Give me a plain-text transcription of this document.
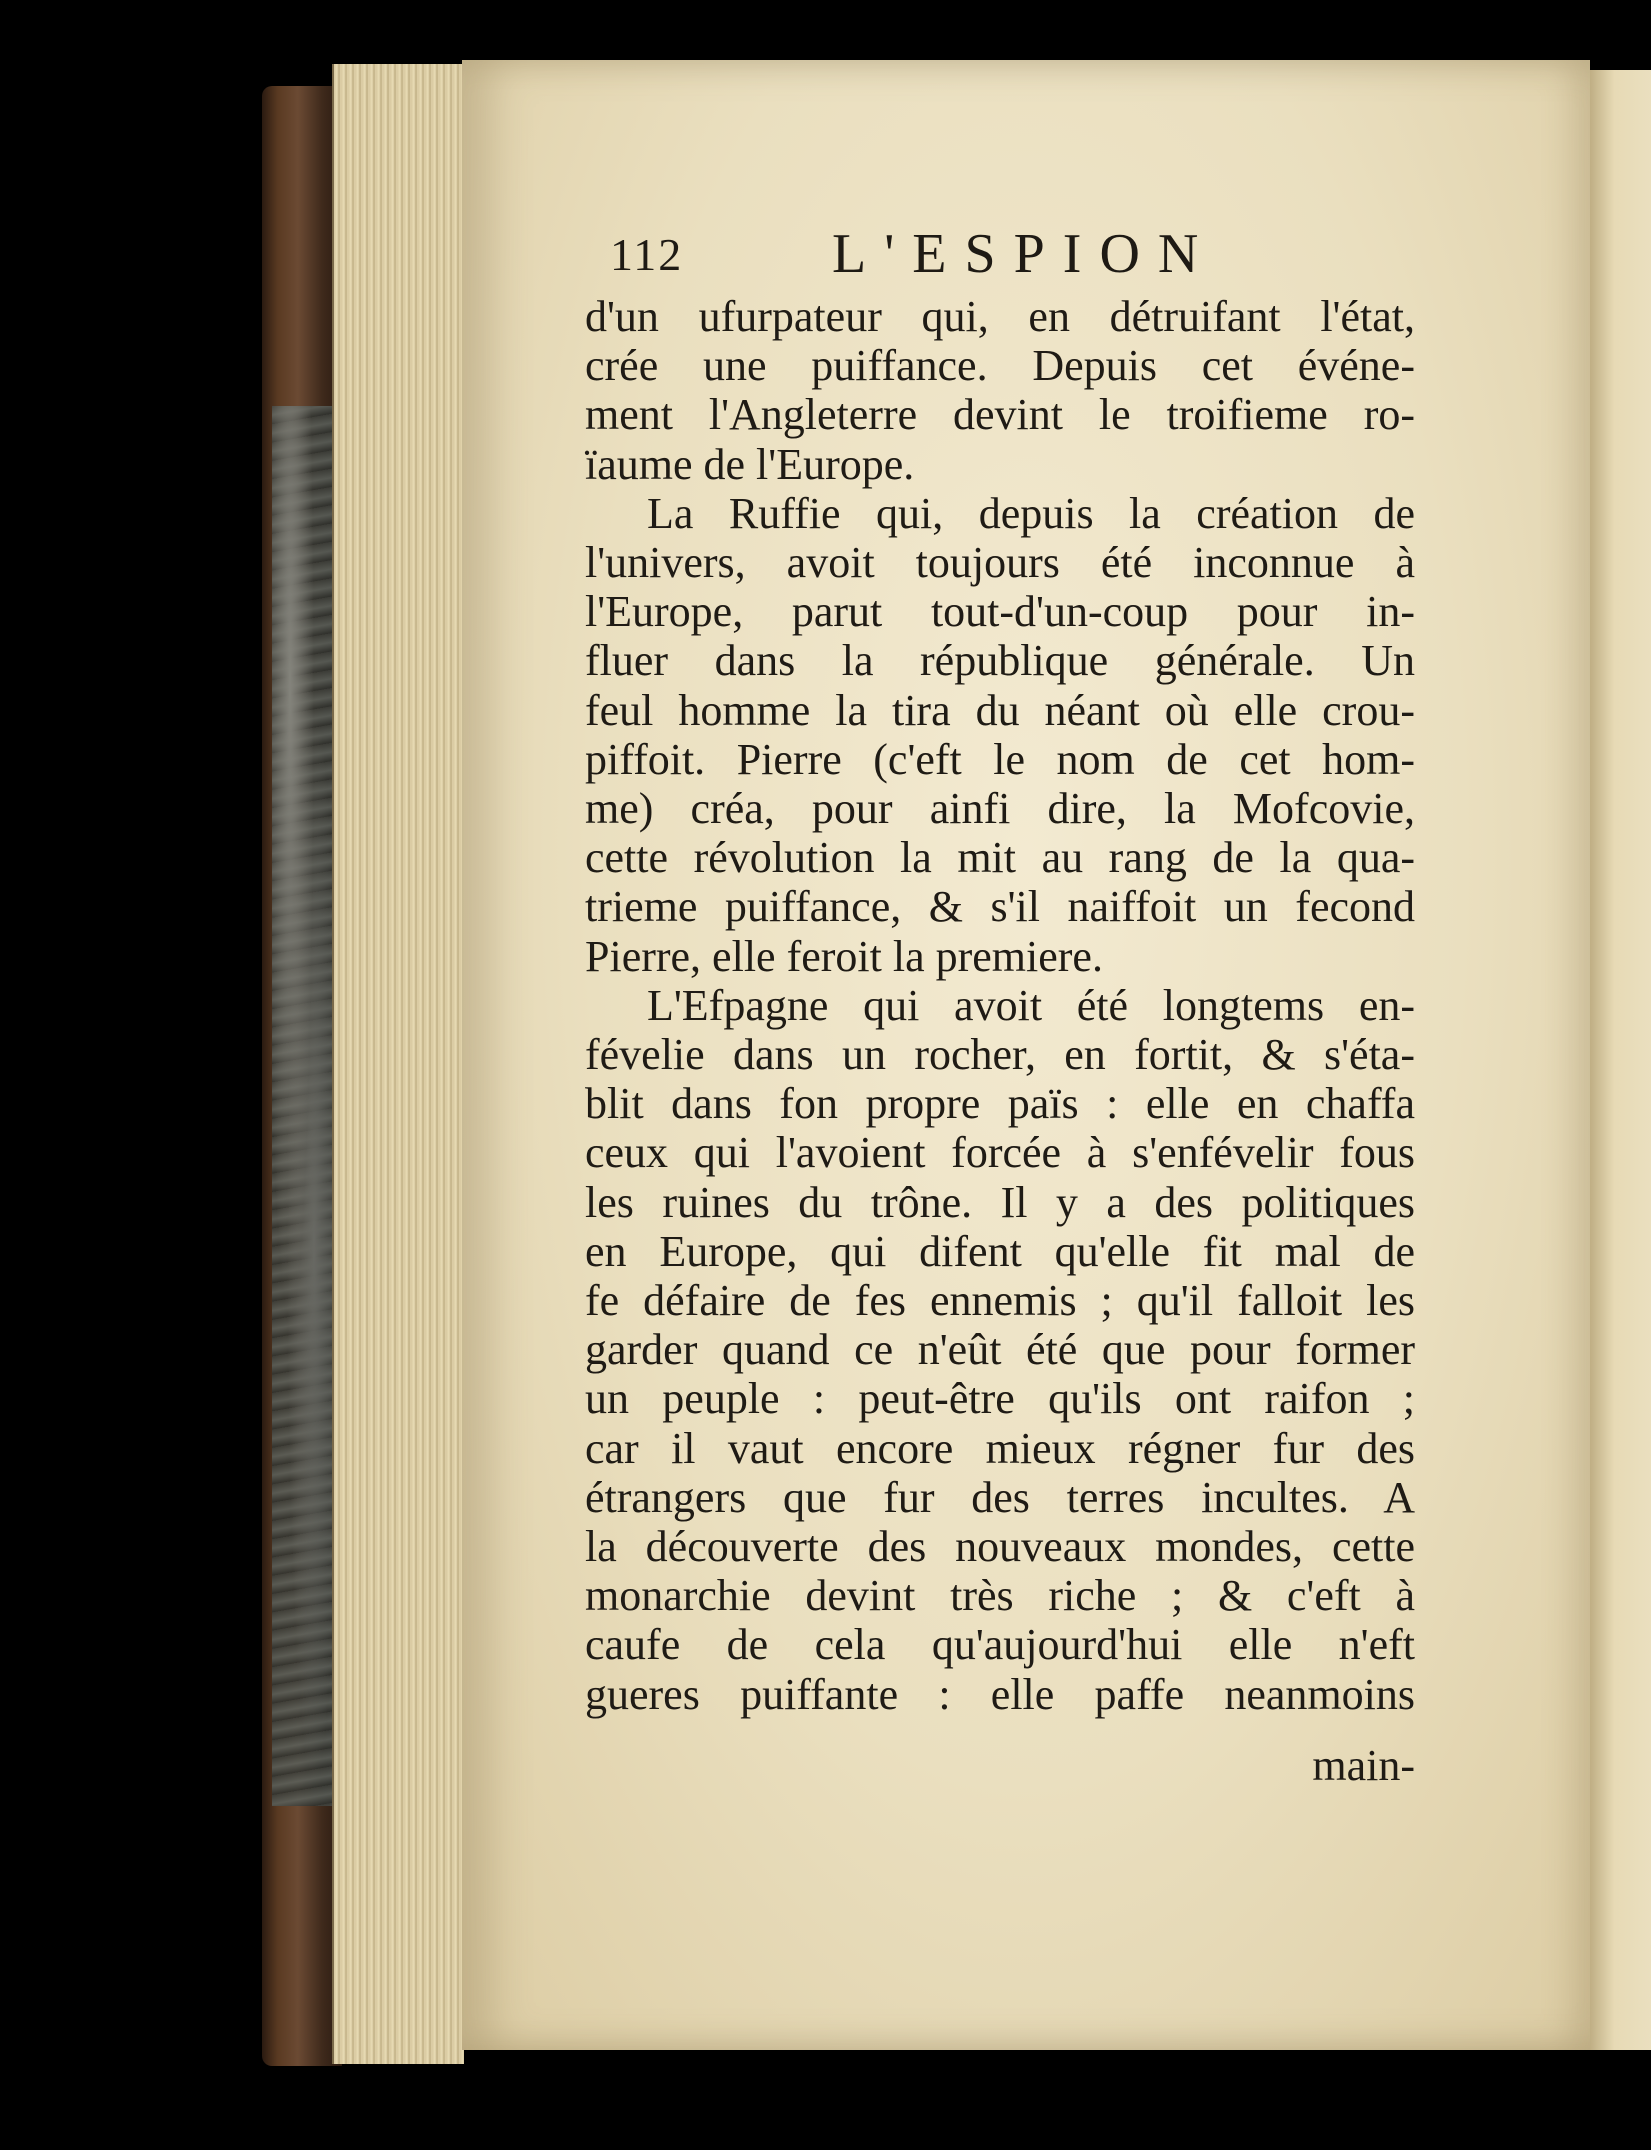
112	L'ESPION
d'un ufurpateur qui, en détruifant l'état,
crée une puiffance. Depuis cet événe-
ment l'Angleterre devint le troifieme ro-
ïaume de l'Europe.
La Ruffie qui, depuis la création de
l'univers, avoit toujours été inconnue à
l'Europe, parut tout-d'un-coup pour in-
fluer dans la république générale. Un
feul homme la tira du néant où elle crou-
piffoit. Pierre (c'eft le nom de cet hom-
me) créa, pour ainfi dire, la Mofcovie,
cette révolution la mit au rang de la qua-
trieme puiffance, & s'il naiffoit un fecond
Pierre, elle feroit la premiere.
L'Efpagne qui avoit été longtems en-
févelie dans un rocher, en fortit, & s'éta-
blit dans fon propre païs : elle en chaffa
ceux qui l'avoient forcée à s'enfévelir fous
les ruines du trône. Il y a des politiques
en Europe, qui difent qu'elle fit mal de
fe défaire de fes ennemis ; qu'il falloit les
garder quand ce n'eût été que pour former
un peuple : peut-être qu'ils ont raifon ;
car il vaut encore mieux régner fur des
étrangers que fur des terres incultes. A
la découverte des nouveaux mondes, cette
monarchie devint très riche ; & c'eft à
caufe de cela qu'aujourd'hui elle n'eft
gueres puiffante : elle paffe neanmoins
main-
